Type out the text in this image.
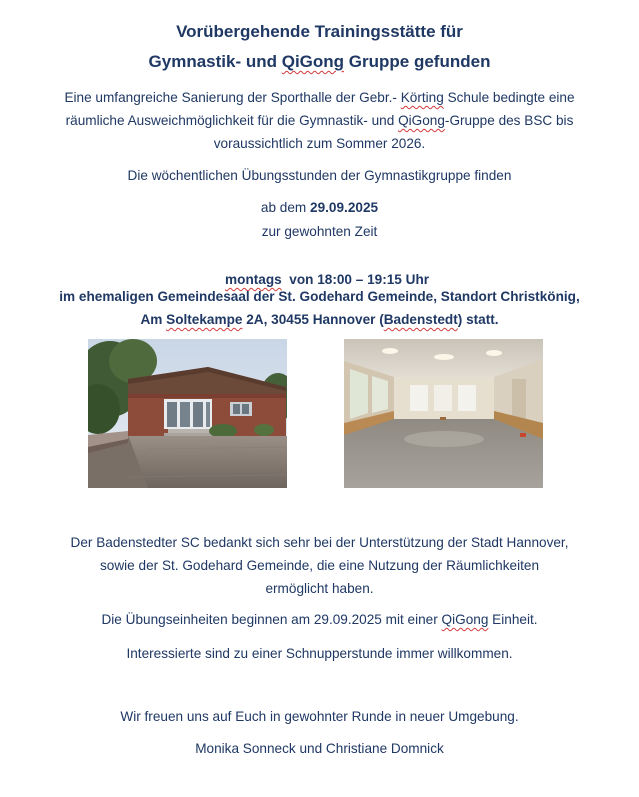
Vorübergehende Trainingsstätte für
Gymnastik- und QiGong Gruppe gefunden
Eine umfangreiche Sanierung der Sporthalle der Gebr.- Körting Schule bedingte eine
räumliche Ausweichmöglichkeit für die Gymnastik- und QiGong-Gruppe des BSC bis
voraussichtlich zum Sommer 2026.
Die wöchentlichen Übungsstunden der Gymnastikgruppe finden
ab dem 29.09.2025
zur gewohnten Zeit

montags  von 18:00 – 19:15 Uhr

im ehemaligen Gemeindesaal der St. Godehard Gemeinde, Standort Christkönig,
Am Soltekampe 2A, 30455 Hannover (Badenstedt) statt.
Der Badenstedter SC bedankt sich sehr bei der Unterstützung der Stadt Hannover,
sowie der St. Godehard Gemeinde, die eine Nutzung der Räumlichkeiten
ermöglicht haben.
Die Übungseinheiten beginnen am 29.09.2025 mit einer QiGong Einheit.
Interessierte sind zu einer Schnupperstunde immer willkommen.
Wir freuen uns auf Euch in gewohnter Runde in neuer Umgebung.
Monika Sonneck und Christiane Domnick
